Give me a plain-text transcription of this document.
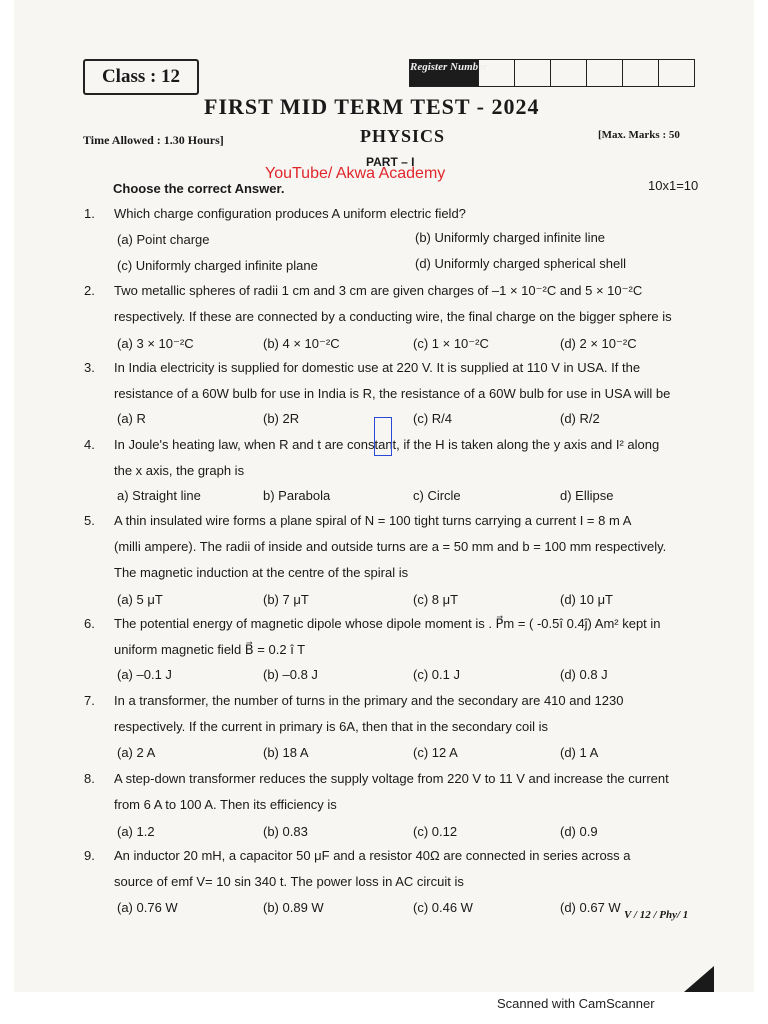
Class : 12	Register Number
FIRST MID TERM TEST - 2024
Time Allowed : 1.30 Hours]	PHYSICS	[Max. Marks : 50
PART – I
YouTube/ Akwa Academy
Choose the correct Answer.	10x1=10
1. Which charge configuration produces A uniform electric field?
(a) Point charge	(b) Uniformly charged infinite line
(c) Uniformly charged infinite plane	(d) Uniformly charged spherical shell
2. Two metallic spheres of radii 1 cm and 3 cm are given charges of –1 × 10⁻²C and 5 × 10⁻²C
respectively. If these are connected by a conducting wire, the final charge on the bigger sphere is
(a) 3 × 10⁻²C	(b) 4 × 10⁻²C	(c) 1 × 10⁻²C	(d) 2 × 10⁻²C
3. In India electricity is supplied for domestic use at 220 V. It is supplied at 110 V in USA. If the
resistance of a 60W bulb for use in India is R, the resistance of a 60W bulb for use in USA will be
(a) R	(b) 2R	(c) R/4	(d) R/2
4. In Joule's heating law, when R and t are constant, if the H is taken along the y axis and I² along
the x axis, the graph is
a) Straight line	b) Parabola	c) Circle	d) Ellipse
5. A thin insulated wire forms a plane spiral of N = 100 tight turns carrying a current I = 8 m A
(milli ampere). The radii of inside and outside turns are a = 50 mm and b = 100 mm respectively.
The magnetic induction at the centre of the spiral is
(a) 5 μT	(b) 7 μT	(c) 8 μT	(d) 10 μT
6. The potential energy of magnetic dipole whose dipole moment is . P⃗m = ( -0.5î 0.4ĵ) Am² kept in
uniform magnetic field B⃗ = 0.2 î T
(a) –0.1 J	(b) –0.8 J	(c) 0.1 J	(d) 0.8 J
7. In a transformer, the number of turns in the primary and the secondary are 410 and 1230
respectively. If the current in primary is 6A, then that in the secondary coil is
(a) 2 A	(b) 18 A	(c) 12 A	(d) 1 A
8. A step-down transformer reduces the supply voltage from 220 V to 11 V and increase the current
from 6 A to 100 A. Then its efficiency is
(a) 1.2	(b) 0.83	(c) 0.12	(d) 0.9
9. An inductor 20 mH, a capacitor 50 μF and a resistor 40Ω are connected in series across a
source of emf V= 10 sin 340 t. The power loss in AC circuit is
(a) 0.76 W	(b) 0.89 W	(c) 0.46 W	(d) 0.67 W V / 12 / Phy/ 1
Scanned with CamScanner
